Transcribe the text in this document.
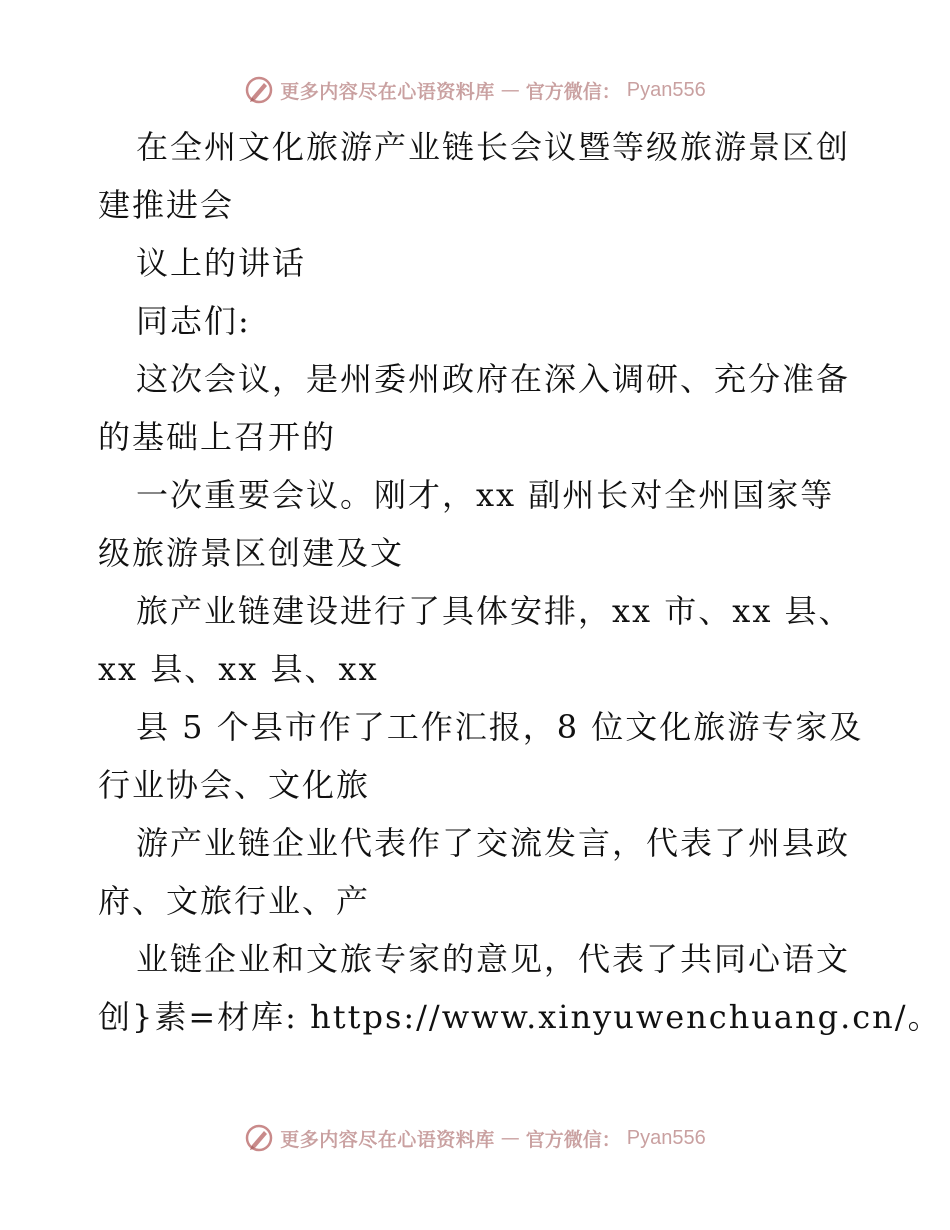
更多内容尽在心语资料库 — 官方微信： Pyan556

在全州文化旅游产业链长会议暨等级旅游景区创

建推进会

议上的讲话

同志们:

这次会议，是州委州政府在深入调研、充分准备

的基础上召开的

一次重要会议。刚才，xx 副州长对全州国家等

级旅游景区创建及文

旅产业链建设进行了具体安排，xx 市、xx 县、

xx 县、xx 县、xx

县 5 个县市作了工作汇报，8 位文化旅游专家及

行业协会、文化旅

游产业链企业代表作了交流发言，代表了州县政

府、文旅行业、产

业链企业和文旅专家的意见，代表了共同心语文

创}素=材库: https://www.xinyuwenchuang.cn/。

更多内容尽在心语资料库 — 官方微信： Pyan556
